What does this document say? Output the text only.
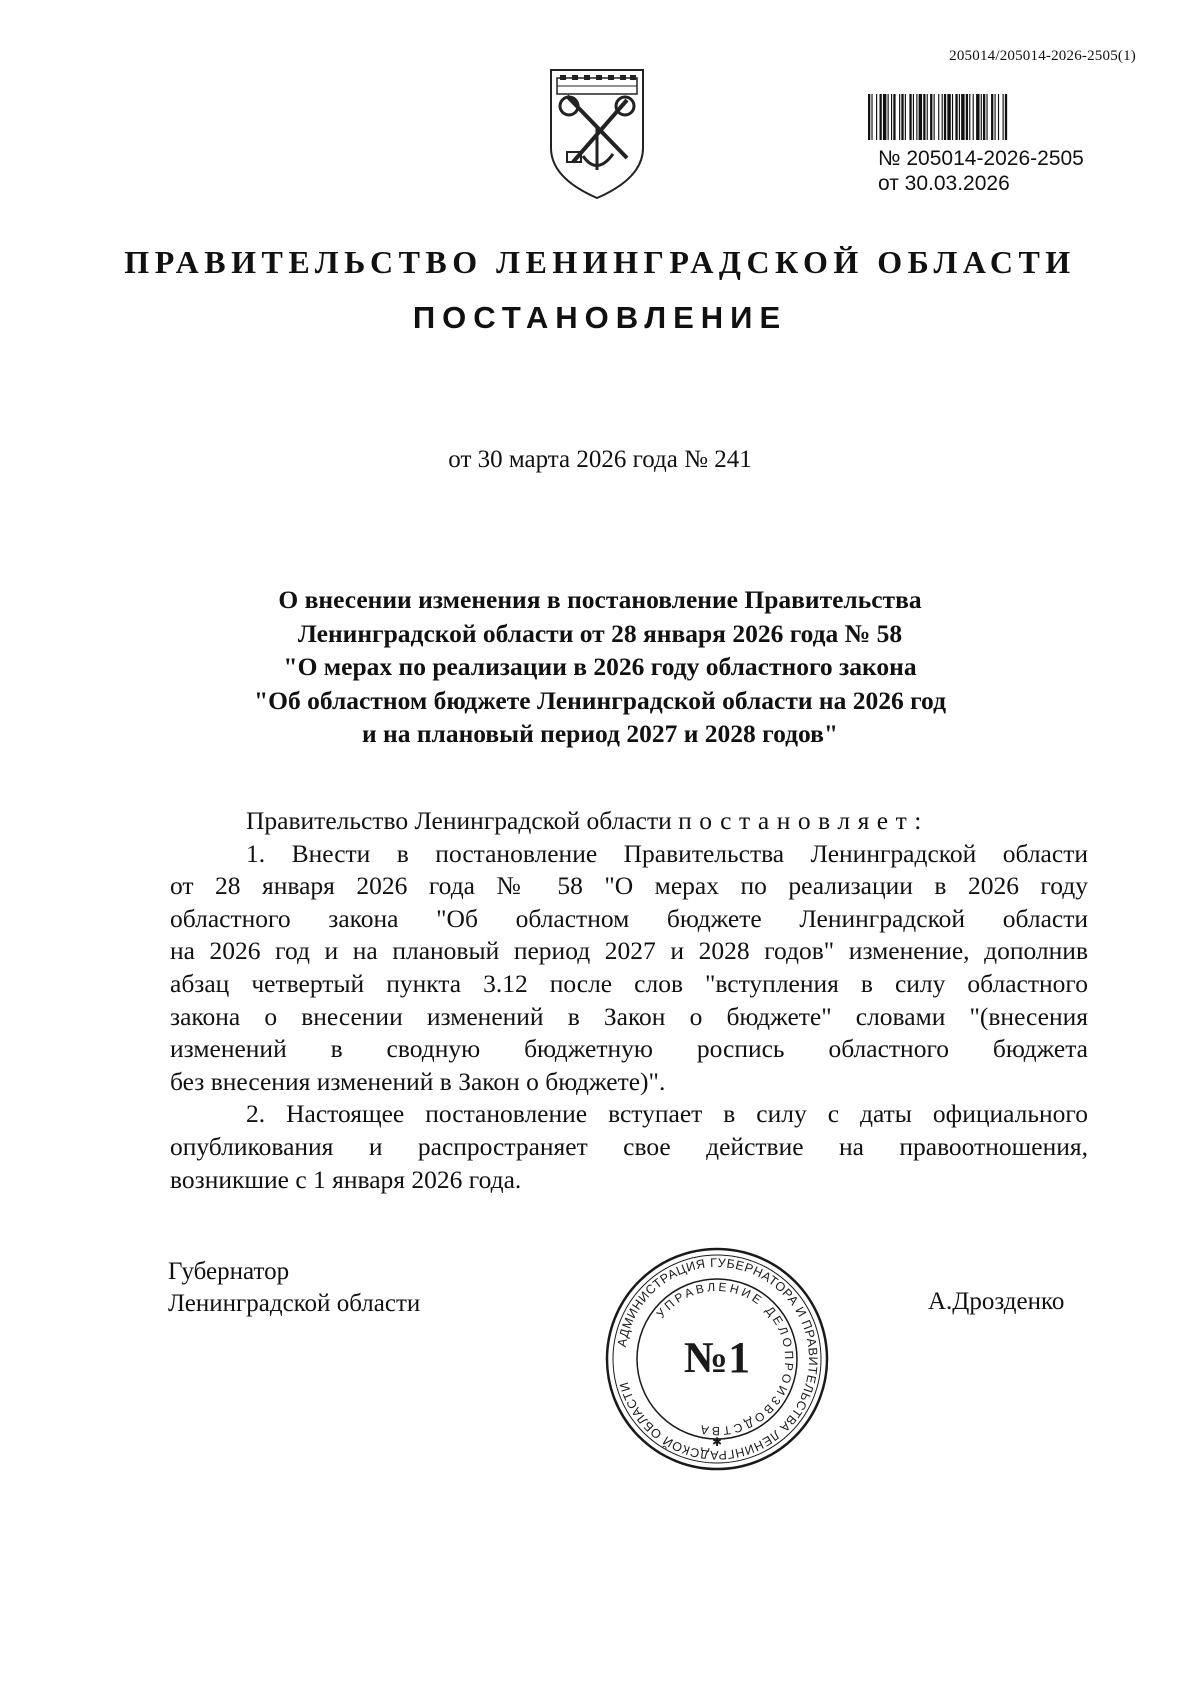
205014/205014-2026-2505(1)
№ 205014-2026-2505
от 30.03.2026
ПРАВИТЕЛЬСТВО ЛЕНИНГРАДСКОЙ ОБЛАСТИ
ПОСТАНОВЛЕНИЕ
от 30 марта 2026 года № 241
О внесении изменения в постановление Правительства
Ленинградской области от 28 января 2026 года № 58
"О мерах по реализации в 2026 году областного закона
"Об областном бюджете Ленинградской области на 2026 год
и на плановый период 2027 и 2028 годов"
Правительство Ленинградской области постановляет:
1. Внести в постановление Правительства Ленинградской области
от 28 января 2026 года № 58 "О мерах по реализации в 2026 году
областного закона "Об областном бюджете Ленинградской области
на 2026 год и на плановый период 2027 и 2028 годов" изменение, дополнив
абзац четвертый пункта 3.12 после слов "вступления в силу областного
закона о внесении изменений в Закон о бюджете" словами "(внесения
изменений в сводную бюджетную роспись областного бюджета
без внесения изменений в Закон о бюджете)".
2. Настоящее постановление вступает в силу с даты официального
опубликования и распространяет свое действие на правоотношения,
возникшие с 1 января 2026 года.
Губернатор
Ленинградской области	А.Дрозденко
АДМИНИСТРАЦИЯ ГУБЕРНАТОРА И ПРАВИТЕЛЬСТВА ЛЕНИНГРАДСКОЙ ОБЛАСТИ
УПРАВЛЕНИЕ ДЕЛОПРОИЗВОДСТВА
№1
✱
